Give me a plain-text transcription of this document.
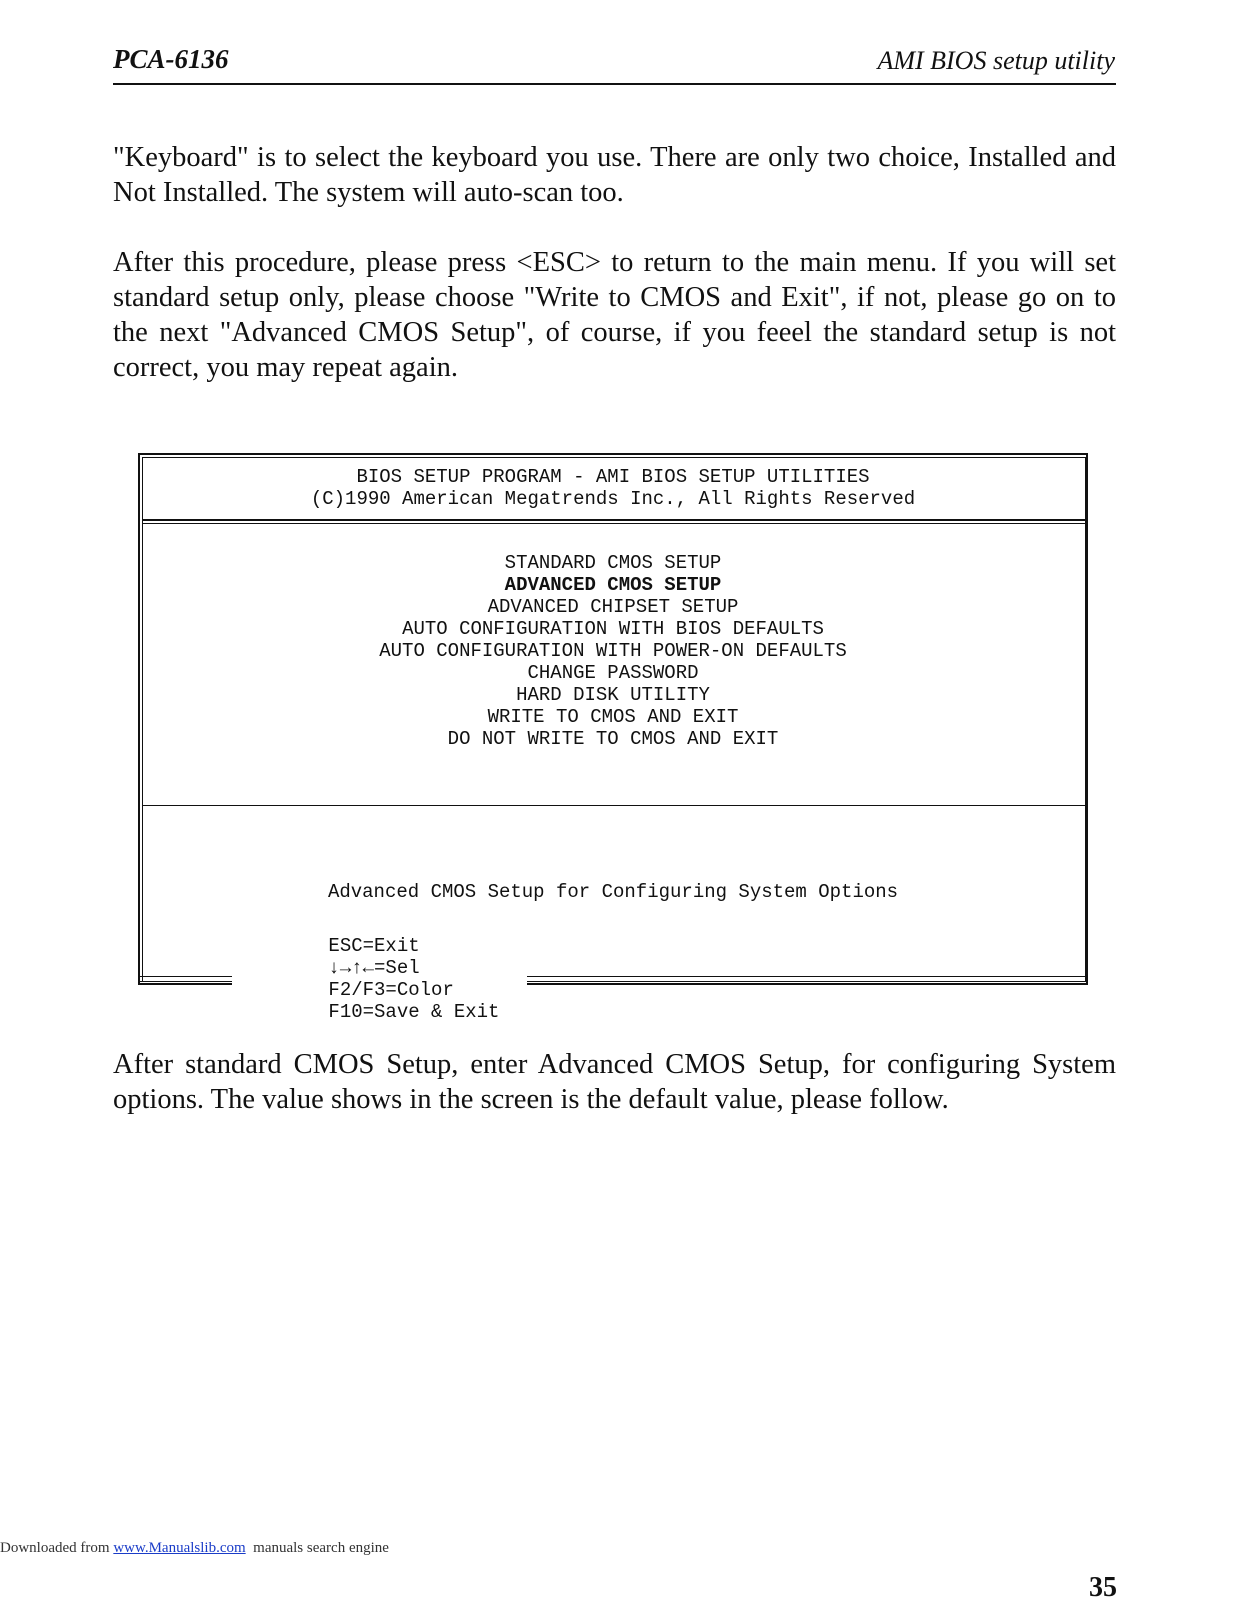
PCA-6136	AMI BIOS setup utility

"Keyboard" is to select the keyboard you use. There are only two choice, Installed and Not Installed. The system will auto-scan too.

After this procedure, please press <ESC> to return to the main menu. If you will set standard setup only, please choose "Write to CMOS and Exit", if not, please go on to the next "Advanced CMOS Setup", of course, if you feeel the standard setup is not correct, you may repeat again.

BIOS SETUP PROGRAM - AMI BIOS SETUP UTILITIES
(C)1990 American Megatrends Inc., All Rights Reserved
STANDARD CMOS SETUP
ADVANCED CMOS SETUP
ADVANCED CHIPSET SETUP
AUTO CONFIGURATION WITH BIOS DEFAULTS
AUTO CONFIGURATION WITH POWER-ON DEFAULTS
CHANGE PASSWORD
HARD DISK UTILITY
WRITE TO CMOS AND EXIT
DO NOT WRITE TO CMOS AND EXIT
Advanced CMOS Setup for Configuring System Options

ESC=Exit
↓→↑←=Sel
F2/F3=Color
F10=Save & Exit

After standard CMOS Setup, enter Advanced CMOS Setup, for configuring System options. The value shows in the screen is the default value, please follow.

Downloaded from www.Manualslib.com  manuals search engine
35
